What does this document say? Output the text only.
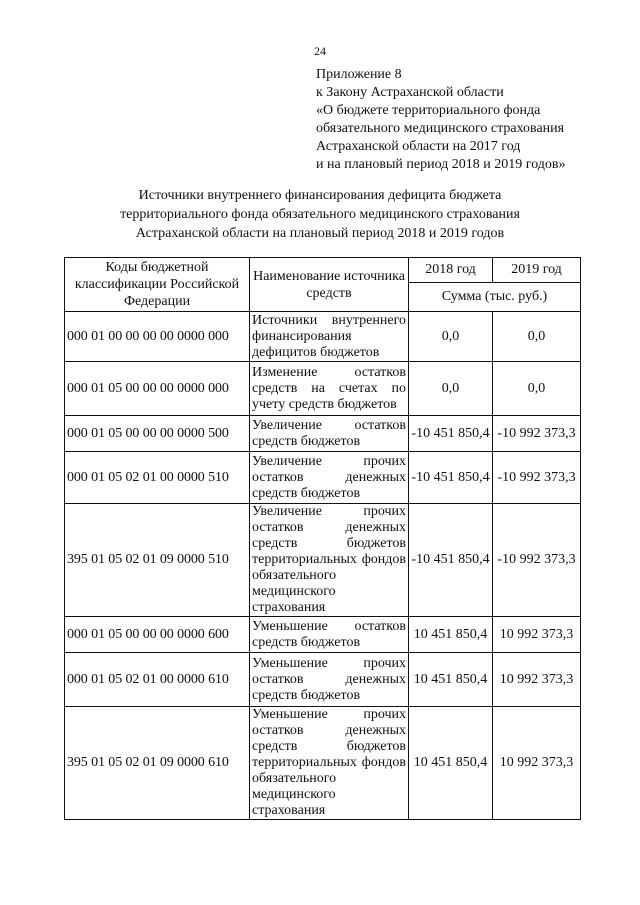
24
Приложение 8
к Закону Астраханской области
«О бюджете территориального фонда
обязательного медицинского страхования
Астраханской области на 2017 год
и на плановый период 2018 и 2019 годов»
Источники внутреннего финансирования дефицита бюджета
территориального фонда обязательного медицинского страхования
Астраханской области на плановый период 2018 и 2019 годов
Коды бюджетной классификации Российской Федерации	Наименование источника средств	2018 год	2019 год
		Сумма (тыс. руб.)	
000 01 00 00 00 00 0000 000	Источники внутреннего финансирования дефицитов бюджетов	0,0	0,0
000 01 05 00 00 00 0000 000	Изменение остатков средств на счетах по учету средств бюджетов	0,0	0,0
000 01 05 00 00 00 0000 500	Увеличение остатков средств бюджетов	-10 451 850,4	-10 992 373,3
000 01 05 02 01 00 0000 510	Увеличение прочих остатков денежных средств бюджетов	-10 451 850,4	-10 992 373,3
395 01 05 02 01 09 0000 510	Увеличение прочих остатков денежных средств бюджетов территориальных фондов обязательного медицинского страхования	-10 451 850,4	-10 992 373,3
000 01 05 00 00 00 0000 600	Уменьшение остатков средств бюджетов	10 451 850,4	10 992 373,3
000 01 05 02 01 00 0000 610	Уменьшение прочих остатков денежных средств бюджетов	10 451 850,4	10 992 373,3
395 01 05 02 01 09 0000 610	Уменьшение прочих остатков денежных средств бюджетов территориальных фондов обязательного медицинского страхования	10 451 850,4	10 992 373,3
